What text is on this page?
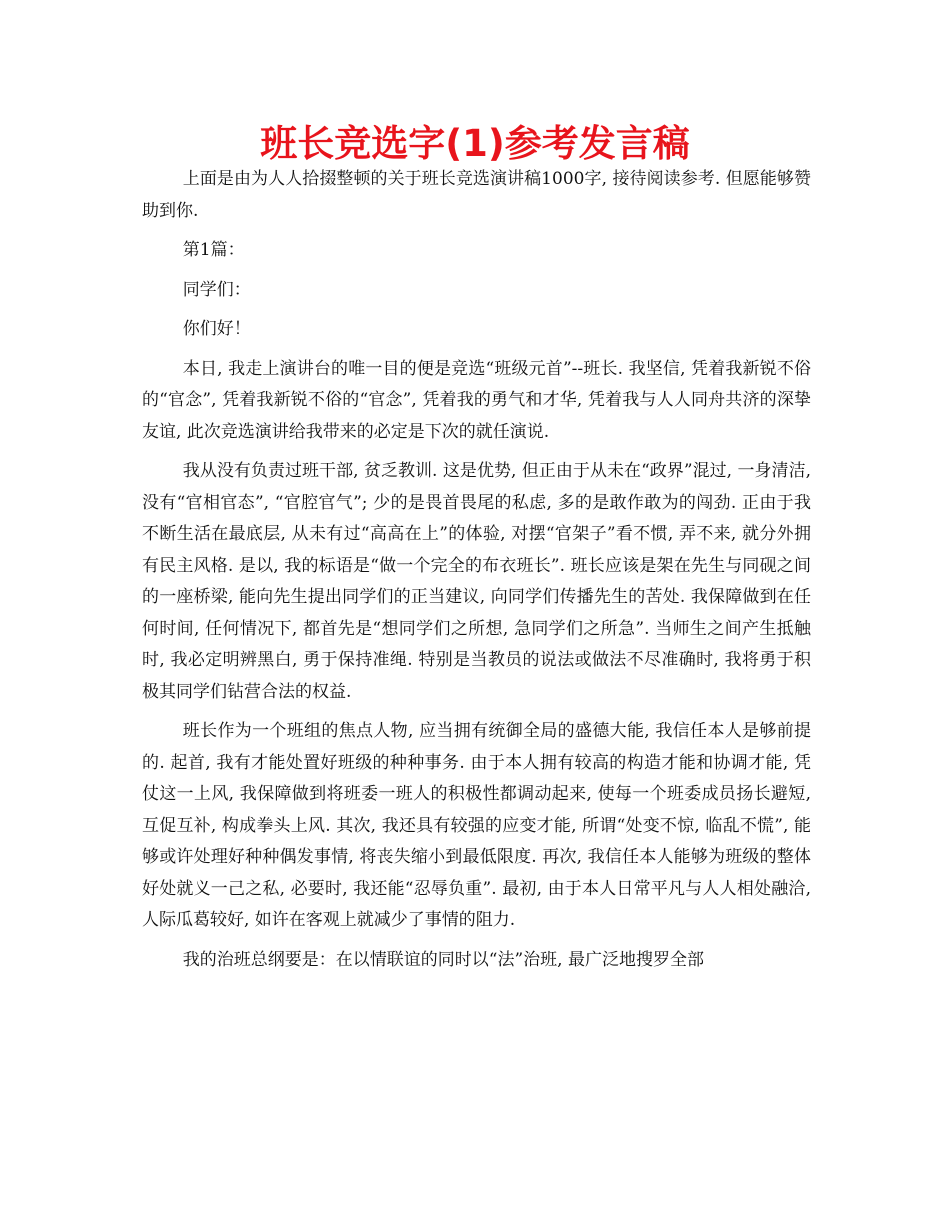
班长竞选字(1)参考发言稿

上面是由为人人拾掇整顿的关于班长竞选演讲稿1000字, 接待阅读参考. 但愿能够赞助到你.

第1篇：

同学们：

你们好！

本日, 我走上演讲台的唯一目的便是竞选“班级元首”--班长. 我坚信, 凭着我新锐不俗的“官念”, 凭着我新锐不俗的“官念”, 凭着我的勇气和才华, 凭着我与人人同舟共济的深挚友谊, 此次竞选演讲给我带来的必定是下次的就任演说.

我从没有负责过班干部, 贫乏教训. 这是优势, 但正由于从未在“政界”混过, 一身清洁, 没有“官相官态”, “官腔官气”; 少的是畏首畏尾的私虑, 多的是敢作敢为的闯劲. 正由于我不断生活在最底层, 从未有过“高高在上”的体验, 对摆“官架子”看不惯, 弄不来, 就分外拥有民主风格. 是以, 我的标语是“做一个完全的布衣班长”. 班长应该是架在先生与同砚之间的一座桥梁, 能向先生提出同学们的正当建议, 向同学们传播先生的苦处. 我保障做到在任何时间, 任何情况下, 都首先是“想同学们之所想, 急同学们之所急”. 当师生之间产生抵触时, 我必定明辨黑白, 勇于保持准绳. 特别是当教员的说法或做法不尽准确时, 我将勇于积极其同学们钻营合法的权益.

班长作为一个班组的焦点人物, 应当拥有统御全局的盛德大能, 我信任本人是够前提的. 起首, 我有才能处置好班级的种种事务. 由于本人拥有较高的构造才能和协调才能, 凭仗这一上风, 我保障做到将班委一班人的积极性都调动起来, 使每一个班委成员扬长避短, 互促互补, 构成拳头上风. 其次, 我还具有较强的应变才能, 所谓“处变不惊, 临乱不慌”, 能够或许处理好种种偶发事情, 将丧失缩小到最低限度. 再次, 我信任本人能够为班级的整体好处就义一己之私, 必要时, 我还能“忍辱负重”. 最初, 由于本人日常平凡与人人相处融洽, 人际瓜葛较好, 如许在客观上就减少了事情的阻力.

我的治班总纲要是：在以情联谊的同时以“法”治班, 最广泛地搜罗全部
